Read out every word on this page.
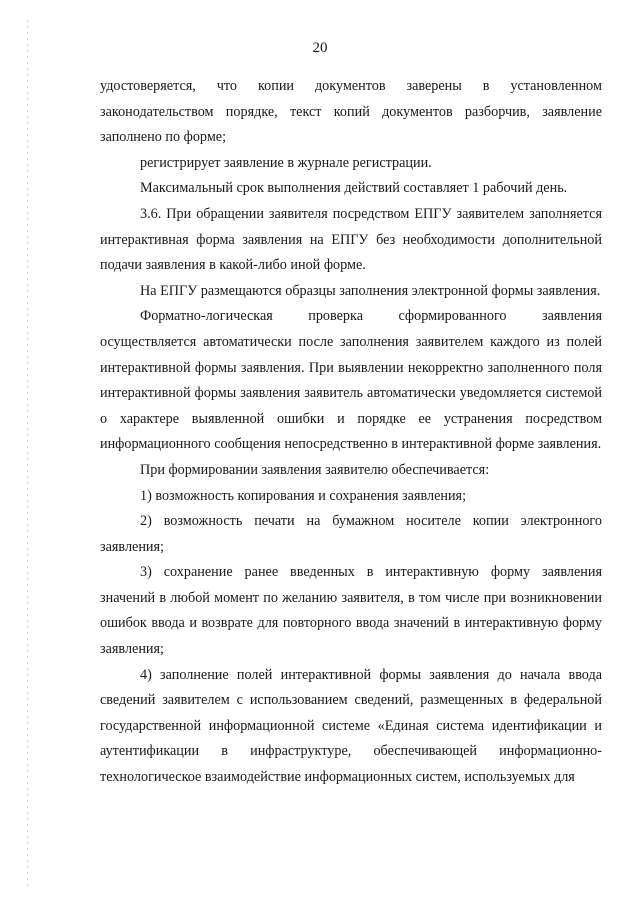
20

удостоверяется, что копии документов заверены в установленном законодательством порядке, текст копий документов разборчив, заявление заполнено по форме;

регистрирует заявление в журнале регистрации.

Максимальный срок выполнения действий составляет 1 рабочий день.

3.6. При обращении заявителя посредством ЕПГУ заявителем заполняется интерактивная форма заявления на ЕПГУ без необходимости дополнительной подачи заявления в какой-либо иной форме.

На ЕПГУ размещаются образцы заполнения электронной формы заявления.

Форматно-логическая проверка сформированного заявления осуществляется автоматически после заполнения заявителем каждого из полей интерактивной формы заявления. При выявлении некорректно заполненного поля интерактивной формы заявления заявитель автоматически уведомляется системой о характере выявленной ошибки и порядке ее устранения посредством информационного сообщения непосредственно в интерактивной форме заявления.

При формировании заявления заявителю обеспечивается:

1) возможность копирования и сохранения заявления;

2) возможность печати на бумажном носителе копии электронного заявления;

3) сохранение ранее введенных в интерактивную форму заявления значений в любой момент по желанию заявителя, в том числе при возникновении ошибок ввода и возврате для повторного ввода значений в интерактивную форму заявления;

4) заполнение полей интерактивной формы заявления до начала ввода сведений заявителем с использованием сведений, размещенных в федеральной государственной информационной системе «Единая система идентификации и аутентификации в инфраструктуре, обеспечивающей информационно-технологическое взаимодействие информационных систем, используемых для
